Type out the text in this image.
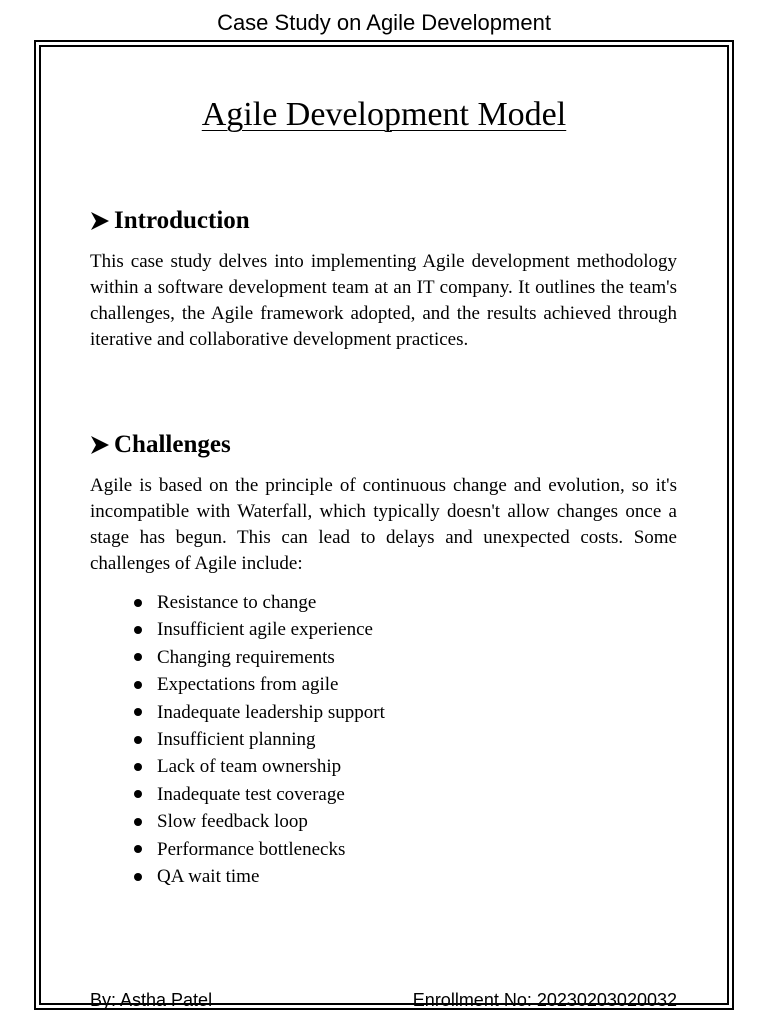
Case Study on Agile Development
Agile Development Model
Introduction

This case study delves into implementing Agile development methodology within a software development team at an IT company. It outlines the team's challenges, the Agile framework adopted, and the results achieved through iterative and collaborative development practices.

Challenges

Agile is based on the principle of continuous change and evolution, so it's incompatible with Waterfall, which typically doesn't allow changes once a stage has begun. This can lead to delays and unexpected costs. Some challenges of Agile include:

Resistance to change
Insufficient agile experience
Changing requirements
Expectations from agile
Inadequate leadership support
Insufficient planning
Lack of team ownership
Inadequate test coverage
Slow feedback loop
Performance bottlenecks
QA wait time
By: Astha Patel	Enrollment No: 20230203020032
